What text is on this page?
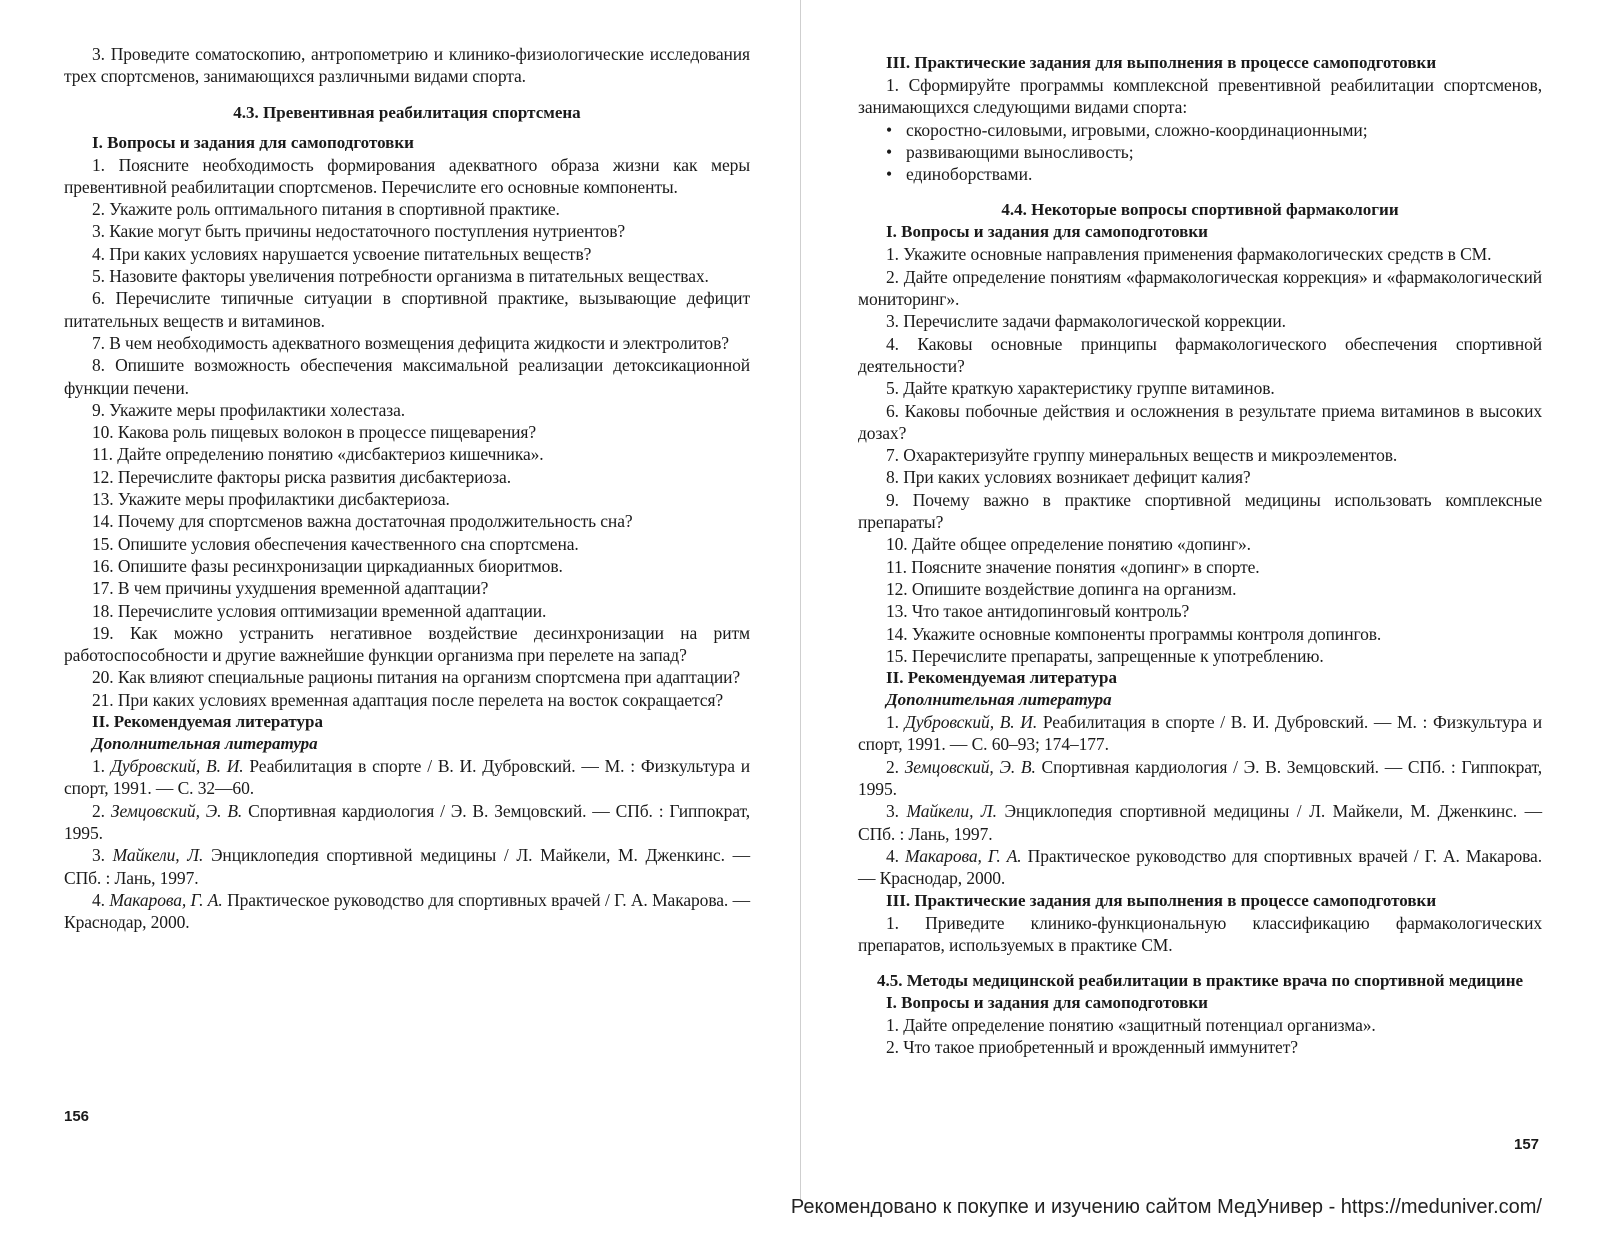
3. Проведите соматоскопию, антропометрию и клинико-физиологические исследования трех спортсменов, занимающихся различными видами спорта.

4.3. Превентивная реабилитация спортсмена

I. Вопросы и задания для самоподготовки

1. Поясните необходимость формирования адекватного образа жизни как меры превентивной реабилитации спортсменов. Перечислите его основные компоненты.

2. Укажите роль оптимального питания в спортивной практике.

3. Какие могут быть причины недостаточного поступления нутриентов?

4. При каких условиях нарушается усвоение питательных веществ?

5. Назовите факторы увеличения потребности организма в питательных веществах.

6. Перечислите типичные ситуации в спортивной практике, вызывающие дефицит питательных веществ и витаминов.

7. В чем необходимость адекватного возмещения дефицита жидкости и электролитов?

8. Опишите возможность обеспечения максимальной реализации детоксикационной функции печени.

9. Укажите меры профилактики холестаза.

10. Какова роль пищевых волокон в процессе пищеварения?

11. Дайте определению понятию «дисбактериоз кишечника».

12. Перечислите факторы риска развития дисбактериоза.

13. Укажите меры профилактики дисбактериоза.

14. Почему для спортсменов важна достаточная продолжительность сна?

15. Опишите условия обеспечения качественного сна спортсмена.

16. Опишите фазы ресинхронизации циркадианных биоритмов.

17. В чем причины ухудшения временной адаптации?

18. Перечислите условия оптимизации временной адаптации.

19. Как можно устранить негативное воздействие десинхронизации на ритм работоспособности и другие важнейшие функции организма при перелете на запад?

20. Как влияют специальные рационы питания на организм спортсмена при адаптации?

21. При каких условиях временная адаптация после перелета на восток сокращается?

II. Рекомендуемая литература

Дополнительная литература

1. Дубровский, В. И. Реабилитация в спорте / В. И. Дубровский. — М. : Физкультура и спорт, 1991. — С. 32—60.

2. Земцовский, Э. В. Спортивная кардиология / Э. В. Земцовский. — СПб. : Гиппократ, 1995.

3. Майкели, Л. Энциклопедия спортивной медицины / Л. Майкели, М. Дженкинс. — СПб. : Лань, 1997.

4. Макарова, Г. А. Практическое руководство для спортивных врачей / Г. А. Макарова. — Краснодар, 2000.

156

III. Практические задания для выполнения в процессе самоподготовки

1. Сформируйте программы комплексной превентивной реабилитации спортсменов, занимающихся следующими видами спорта:

• скоростно-силовыми, игровыми, сложно-координационными;

• развивающими выносливость;

• единоборствами.

4.4. Некоторые вопросы спортивной фармакологии

I. Вопросы и задания для самоподготовки

1. Укажите основные направления применения фармакологических средств в СМ.

2. Дайте определение понятиям «фармакологическая коррекция» и «фармакологический мониторинг».

3. Перечислите задачи фармакологической коррекции.

4. Каковы основные принципы фармакологического обеспечения спортивной деятельности?

5. Дайте краткую характеристику группе витаминов.

6. Каковы побочные действия и осложнения в результате приема витаминов в высоких дозах?

7. Охарактеризуйте группу минеральных веществ и микроэлементов.

8. При каких условиях возникает дефицит калия?

9. Почему важно в практике спортивной медицины использовать комплексные препараты?

10. Дайте общее определение понятию «допинг».

11. Поясните значение понятия «допинг» в спорте.

12. Опишите воздействие допинга на организм.

13. Что такое антидопинговый контроль?

14. Укажите основные компоненты программы контроля допингов.

15. Перечислите препараты, запрещенные к употреблению.

II. Рекомендуемая литература

Дополнительная литература

1. Дубровский, В. И. Реабилитация в спорте / В. И. Дубровский. — М. : Физкультура и спорт, 1991. — С. 60–93; 174–177.

2. Земцовский, Э. В. Спортивная кардиология / Э. В. Земцовский. — СПб. : Гиппократ, 1995.

3. Майкели, Л. Энциклопедия спортивной медицины / Л. Майкели, М. Дженкинс. — СПб. : Лань, 1997.

4. Макарова, Г. А. Практическое руководство для спортивных врачей / Г. А. Макарова. — Краснодар, 2000.

III. Практические задания для выполнения в процессе самоподготовки

1. Приведите клинико-функциональную классификацию фармакологических препаратов, используемых в практике СМ.

4.5. Методы медицинской реабилитации в практике врача по спортивной медицине

I. Вопросы и задания для самоподготовки

1. Дайте определение понятию «защитный потенциал организма».

2. Что такое приобретенный и врожденный иммунитет?

157
Рекомендовано к покупке и изучению сайтом МедУнивер - https://meduniver.com/
